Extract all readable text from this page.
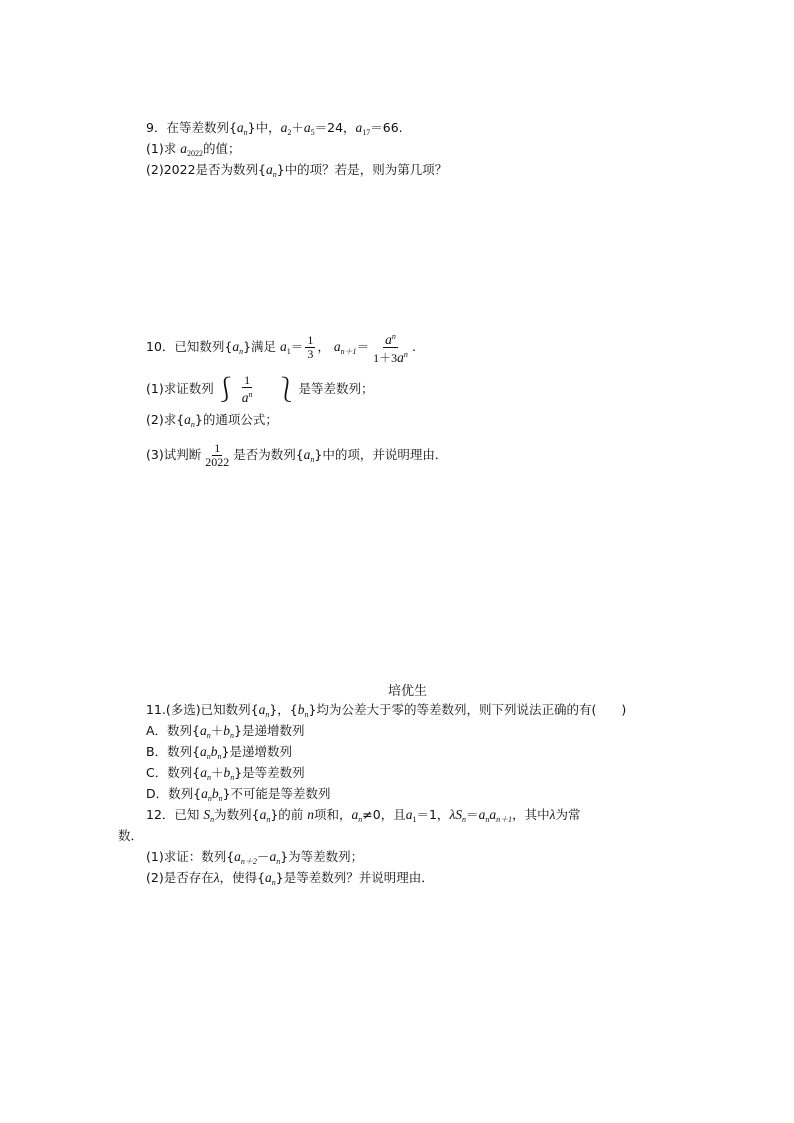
9．在等差数列$\{a_n\}$中，$a_2+a_5=24$，$a_{17}=66$.
(1)求 $a_{2022}$的值；
(2)2022是否为数列$\{a_n\}$中的项？若是，则为第几项？
10．已知数列$\{a_n\}$满足 $a_1= \frac{1}{3}$ ， $a_{n+1}= \frac{a^n}{1+3a^n}$ .
(1)求证数列⎰ $\frac{1}{a^n}$ ⎱是等差数列；
(2)求$\{a_n\}$的通项公式；
(3)试判断 $\frac{1}{2022}$ 是否为数列$\{a_n\}$中的项，并说明理由．
培优生
11.(多选)已知数列$\{a_n\}$，$\{b_n\}$均为公差大于零的等差数列，则下列说法正确的有(　　)
A．数列$\{a_n+b_n\}$是递增数列
B．数列$\{a_nb_n\}$是递增数列
C．数列$\{a_n+b_n\}$是等差数列
D．数列$\{a_nb_n\}$不可能是等差数列
12．已知 $S_n$为数列$\{a_n\}$的前 n项和，$a_n\ne 0$，且$a_1=1$，$\lambda S_n=a_na_{n+1}$，其中λ为常
数．
(1)求证：数列$\{a_{n+2}-a_n\}$为等差数列；
(2)是否存在λ，使得$\{a_n\}$是等差数列？并说明理由．
